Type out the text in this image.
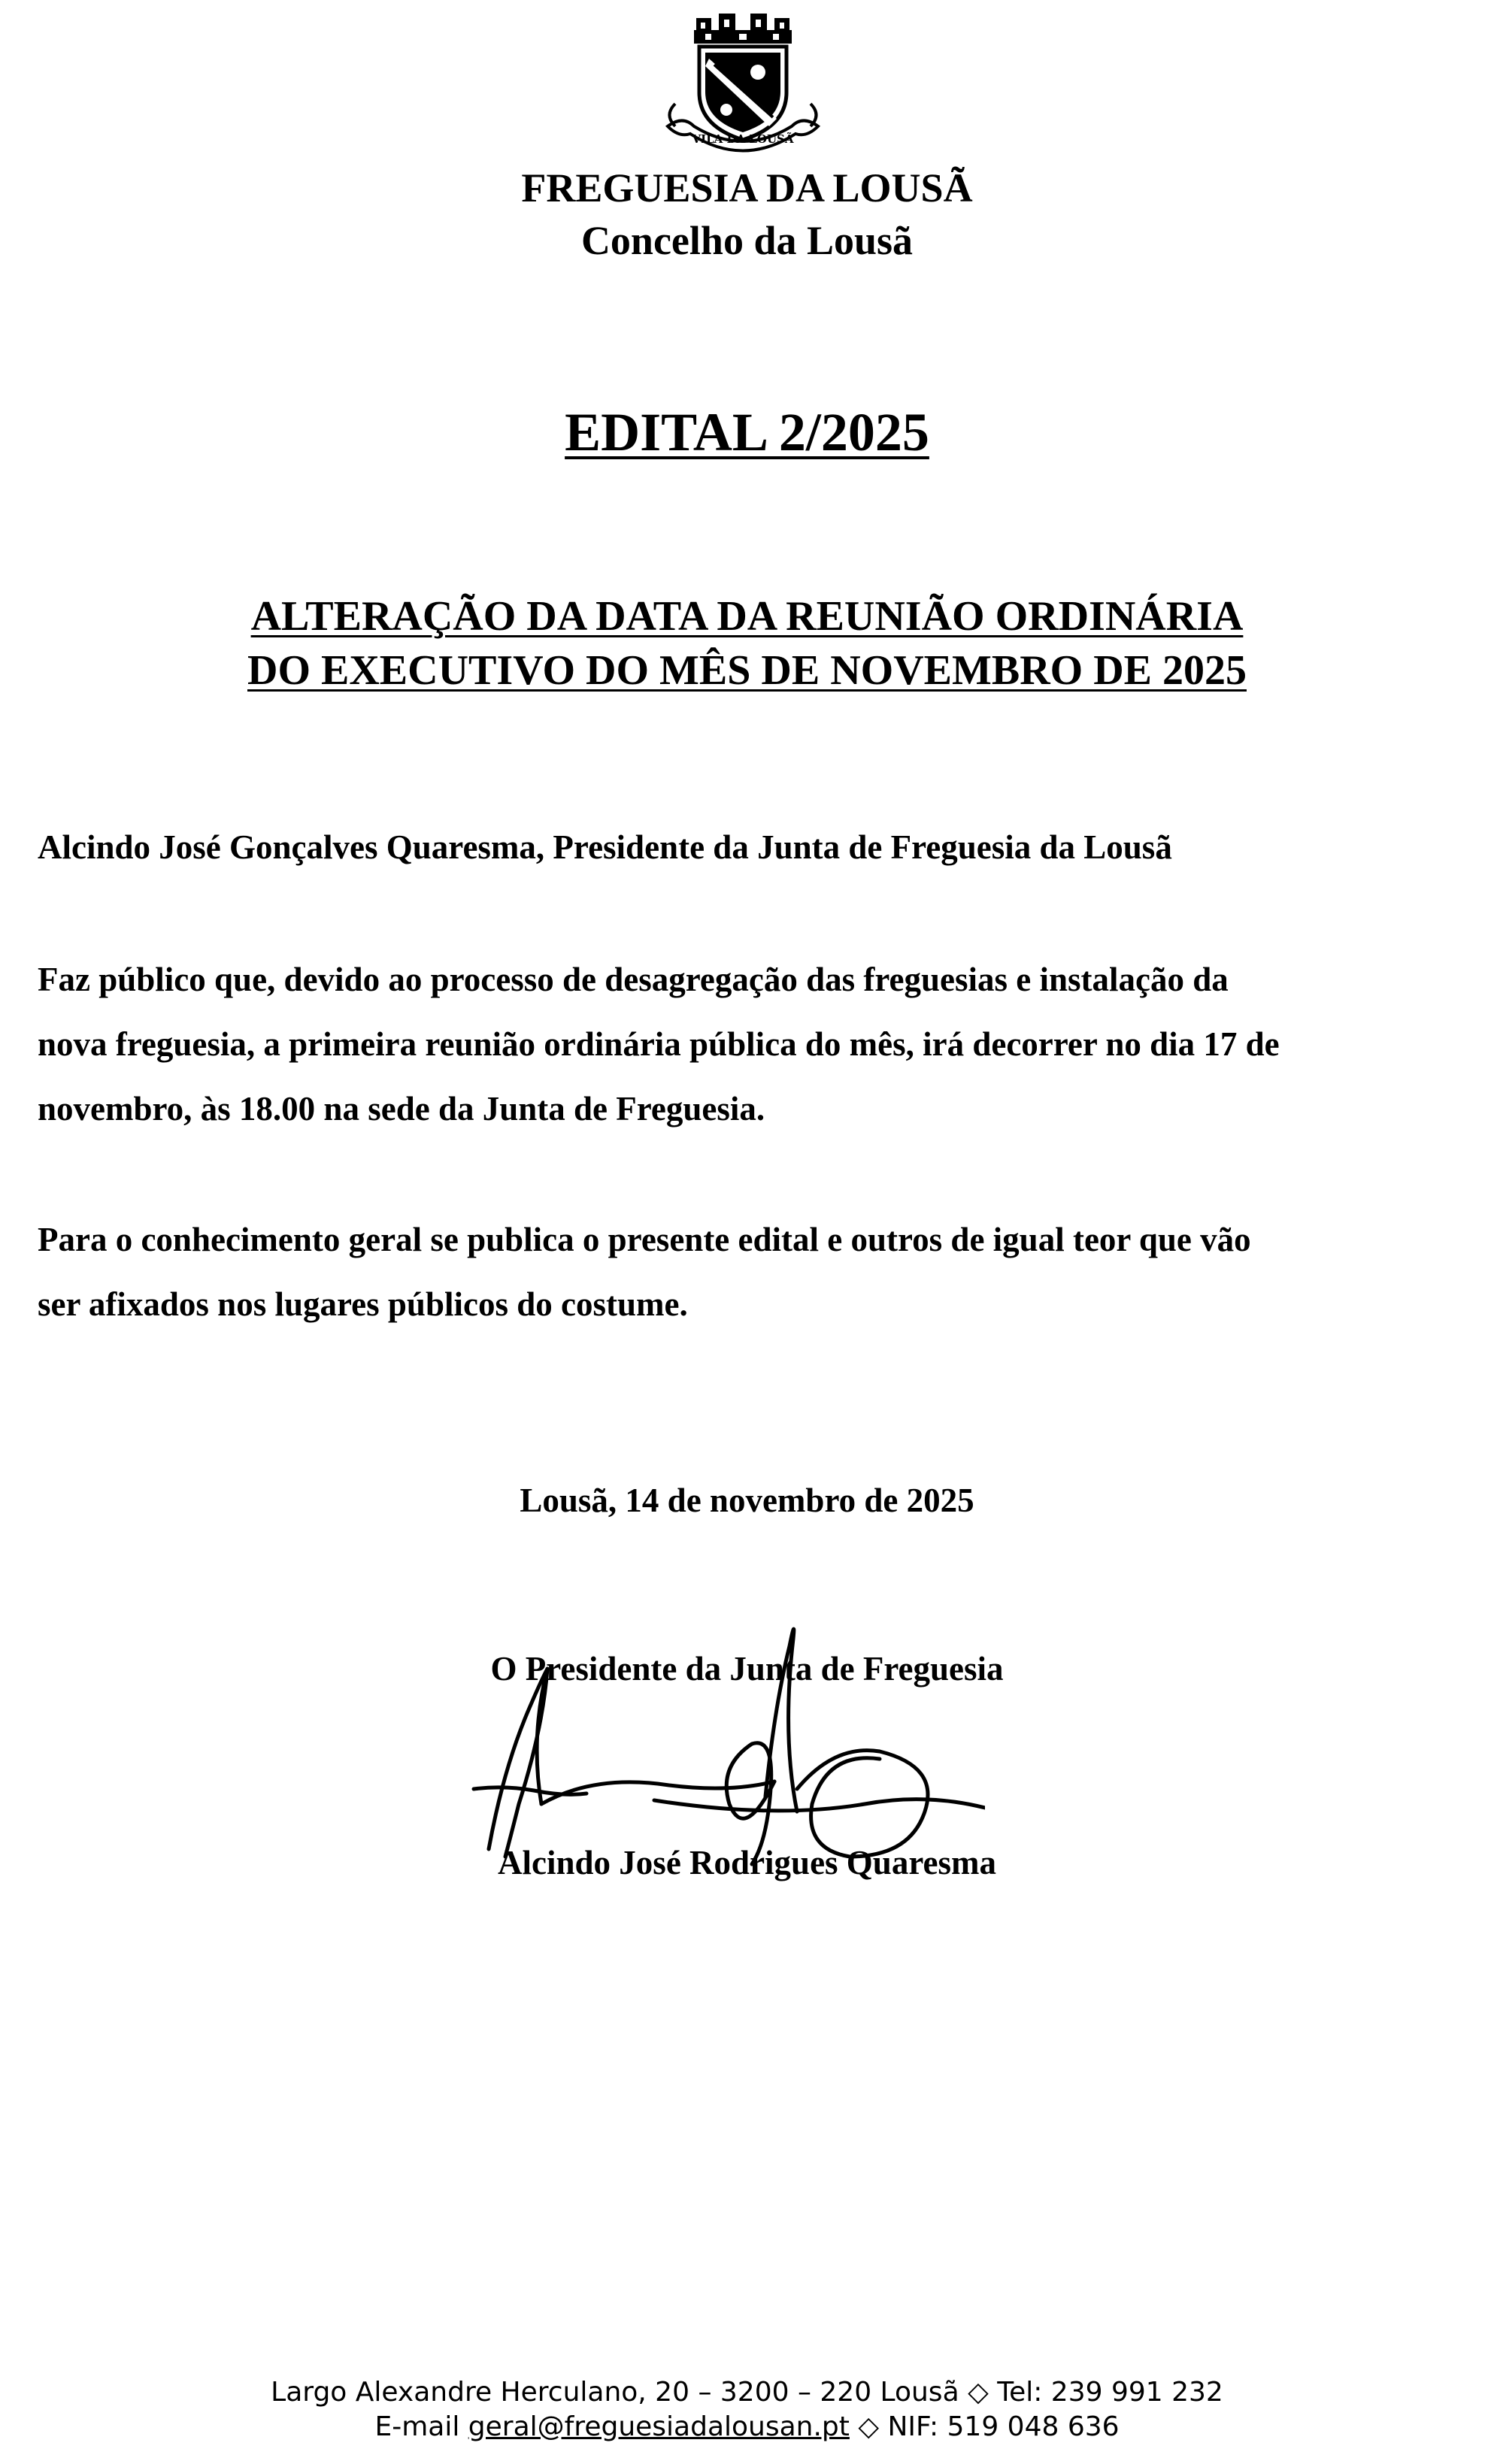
VILA DA LOUSÃ
FREGUESIA DA LOUSÃ
Concelho da Lousã
EDITAL 2/2025
ALTERAÇÃO DA DATA DA REUNIÃO ORDINÁRIA
DO EXECUTIVO DO MÊS DE NOVEMBRO DE 2025
Alcindo José Gonçalves Quaresma, Presidente da Junta de Freguesia da Lousã
Faz público que, devido ao processo de desagregação das freguesias e instalação da
nova freguesia, a primeira reunião ordinária pública do mês, irá decorrer no dia 17 de
novembro, às 18.00 na sede da Junta de Freguesia.
Para o conhecimento geral se publica o presente edital e outros de igual teor que vão
ser afixados nos lugares públicos do costume.
Lousã, 14 de novembro de 2025
O Presidente da Junta de Freguesia
Alcindo José Rodrigues Quaresma
Largo Alexandre Herculano, 20 – 3200 – 220 Lousã ◇ Tel: 239 991 232
E-mail geral@freguesiadalousan.pt ◇ NIF: 519 048 636
